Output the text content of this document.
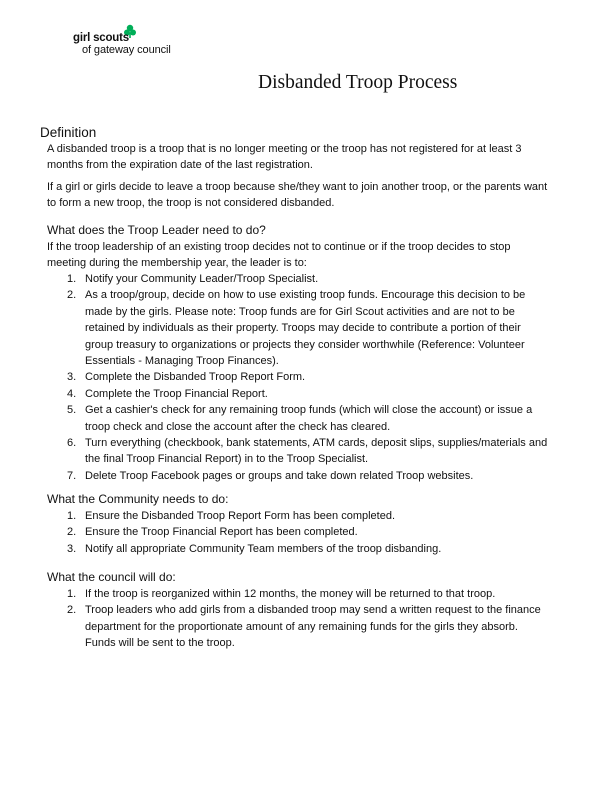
girl scouts
of gateway council
Disbanded Troop Process
Definition

A disbanded troop is a troop that is no longer meeting or the troop has not registered for at least 3 months from the expiration date of the last registration.

If a girl or girls decide to leave a troop because she/they want to join another troop, or the parents want to form a new troop, the troop is not considered disbanded.

What does the Troop Leader need to do?

If the troop leadership of an existing troop decides not to continue or if the troop decides to stop meeting during the membership year, the leader is to:

1. Notify your Community Leader/Troop Specialist.
2. As a troop/group, decide on how to use existing troop funds. Encourage this decision to be made by the girls. Please note: Troop funds are for Girl Scout activities and are not to be retained by individuals as their property. Troops may decide to contribute a portion of their group treasury to organizations or projects they consider worthwhile (Reference: Volunteer Essentials - Managing Troop Finances).
3. Complete the Disbanded Troop Report Form.
4. Complete the Troop Financial Report.
5. Get a cashier's check for any remaining troop funds (which will close the account) or issue a troop check and close the account after the check has cleared.
6. Turn everything (checkbook, bank statements, ATM cards, deposit slips, supplies/materials and the final Troop Financial Report) in to the Troop Specialist.
7. Delete Troop Facebook pages or groups and take down related Troop websites.
What the Community needs to do:
1. Ensure the Disbanded Troop Report Form has been completed.
2. Ensure the Troop Financial Report has been completed.
3. Notify all appropriate Community Team members of the troop disbanding.
What the council will do:
1. If the troop is reorganized within 12 months, the money will be returned to that troop.
2. Troop leaders who add girls from a disbanded troop may send a written request to the finance department for the proportionate amount of any remaining funds for the girls they absorb. Funds will be sent to the troop.
